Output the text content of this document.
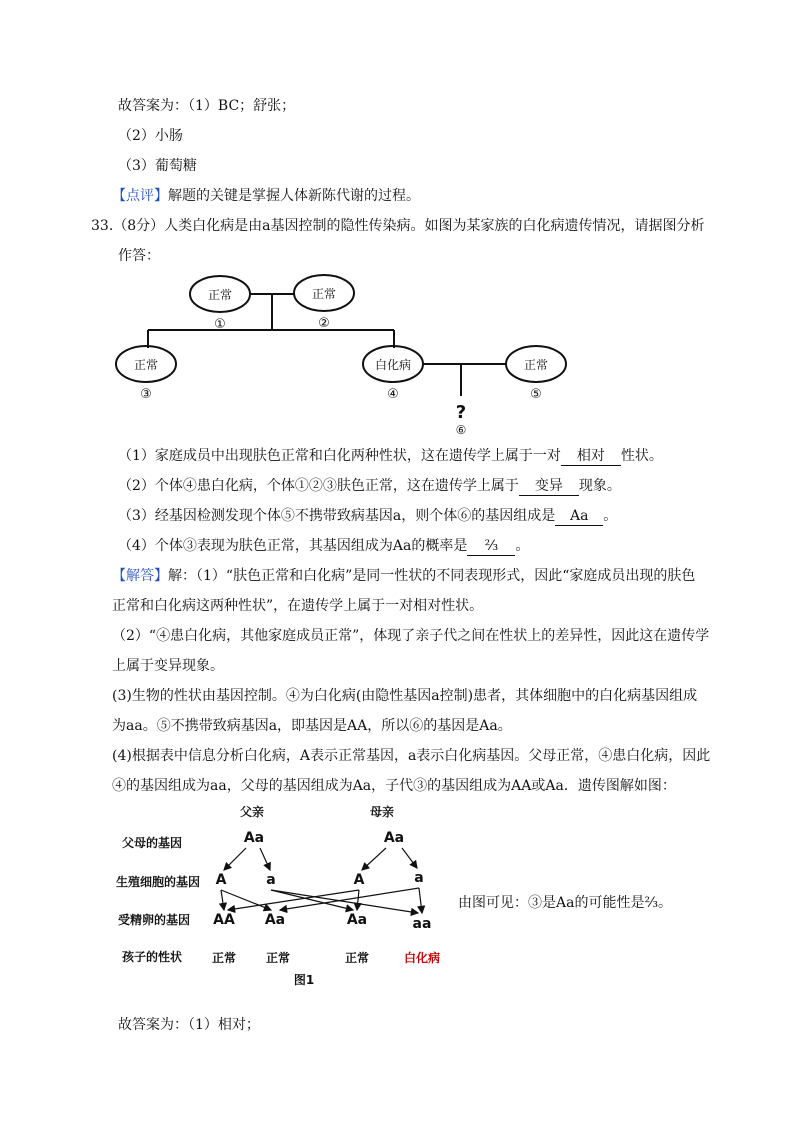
故答案为：（1）BC；舒张；
（2）小肠
（3）葡萄糖
【点评】解题的关键是掌握人体新陈代谢的过程。
33.（8分）人类白化病是由a基因控制的隐性传染病。如图为某家族的白化病遗传情况，请据图分析
作答：
正常
①
正常
②
正常
③
白化病
④
正常
⑤
?
⑥
（1）家庭成员中出现肤色正常和白化两种性状，这在遗传学上属于一对 相对 性状。
（2）个体④患白化病，个体①②③肤色正常，这在遗传学上属于 变异 现象。
（3）经基因检测发现个体⑤不携带致病基因a，则个体⑥的基因组成是 Aa 。
（4）个体③表现为肤色正常，其基因组成为Aa的概率是 ⅔ 。
【解答】解：（1）“肤色正常和白化病”是同一性状的不同表现形式，因此“家庭成员出现的肤色
正常和白化病这两种性状”，在遗传学上属于一对相对性状。
（2）“④患白化病，其他家庭成员正常”，体现了亲子代之间在性状上的差异性，因此这在遗传学
上属于变异现象。
(3)生物的性状由基因控制。④为白化病(由隐性基因a控制)患者，其体细胞中的白化病基因组成
为aa。⑤不携带致病基因a，即基因是AA，所以⑥的基因是Aa。
(4)根据表中信息分析白化病，A表示正常基因，a表示白化病基因。父母正常，④患白化病，因此
④的基因组成为aa，父母的基因组成为Aa，子代③的基因组成为AA或Aa．遗传图解如图：
父亲	母亲
父母的基因
生殖细胞的基因
受精卵的基因
孩子的性状
Aa	Aa
A	a	A	a
AA Aa	Aa	aa
正常 正常	正常	白化病
图1
由图可见：③是Aa的可能性是⅔。
故答案为：（1）相对；
